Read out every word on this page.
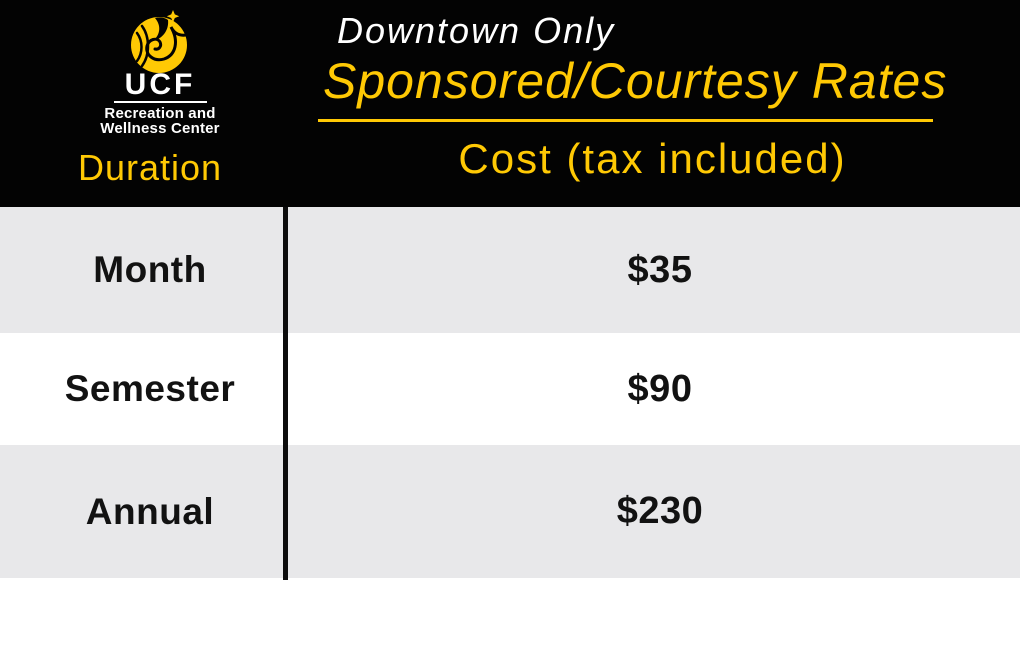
UCF
Recreation and
Wellness Center
Duration
Downtown Only
Sponsored/Courtesy Rates
Cost (tax included)
Month	$35
Semester	$90
Annual	$230
